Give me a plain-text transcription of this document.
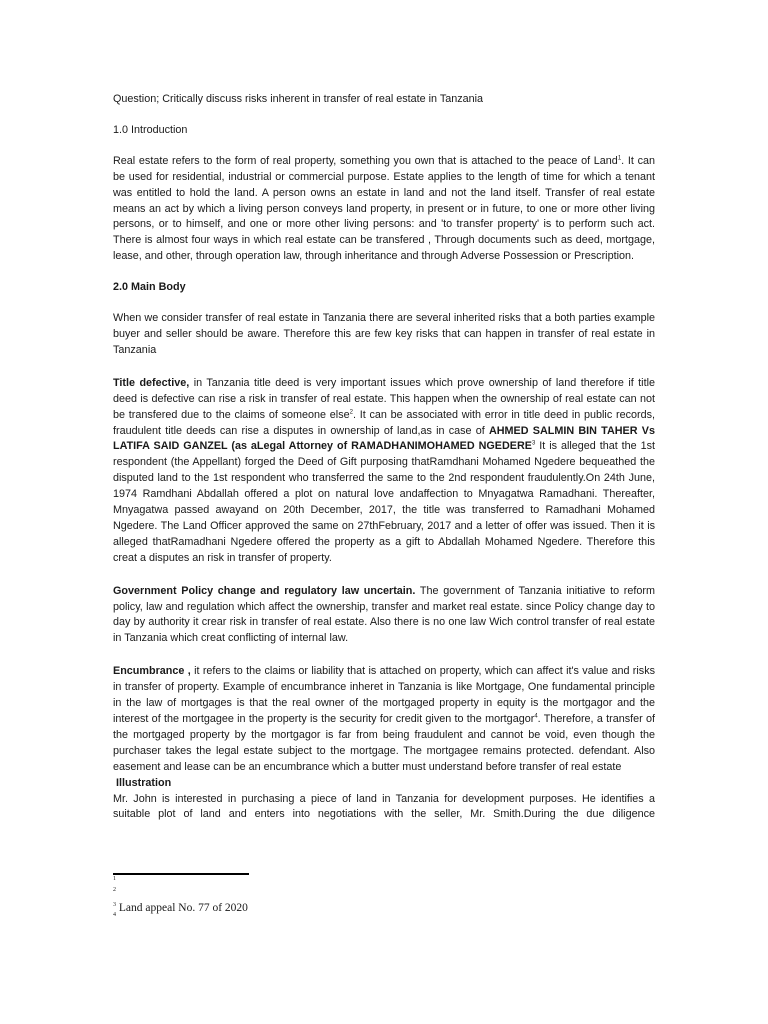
Question; Critically discuss risks inherent in transfer of real estate in Tanzania

1.0 Introduction

Real estate refers to the form of real property, something you own that is attached to the peace of Land$^1$. It can be used for residential, industrial or commercial purpose. Estate applies to the length of time for which a tenant was entitled to hold the land. A person owns an estate in land and not the land itself. Transfer of real estate means an act by which a living person conveys land property, in present or in future, to one or more other living persons, or to himself, and one or more other living persons: and 'to transfer property' is to perform such act. There is almost four ways in which real estate can be transfered , Through documents such as deed, mortgage, lease, and other, through operation law, through inheritance and through Adverse Possession or Prescription.

2.0 Main Body

When we consider transfer of real estate in Tanzania there are several inherited risks that a both parties example buyer and seller should be aware. Therefore this are few key risks that can happen in transfer of real estate in Tanzania

Title defective, in Tanzania title deed is very important issues which prove ownership of land therefore if title deed is defective can rise a risk in transfer of real estate. This happen when the ownership of real estate can not be transfered due to the claims of someone else$^2$. It can be associated with error in title deed in public records, fraudulent title deeds can rise a disputes in ownership of land,as in case of AHMED SALMIN BIN TAHER Vs LATIFA SAID GANZEL (as aLegal Attorney of RAMADHANIMOHAMED NGEDERE$^3$ It is alleged that the 1st respondent (the Appellant) forged the Deed of Gift purposing thatRamdhani Mohamed Ngedere bequeathed the disputed land to the 1st respondent who transferred the same to the 2nd respondent fraudulently.On 24th June, 1974 Ramdhani Abdallah offered a plot on natural love andaffection to Mnyagatwa Ramadhani. Thereafter, Mnyagatwa passed awayand on 20th December, 2017, the title was transferred to Ramadhani Mohamed Ngedere. The Land Officer approved the same on 27thFebruary, 2017 and a letter of offer was issued. Then it is alleged thatRamadhani Ngedere offered the property as a gift to Abdallah Mohamed Ngedere. Therefore this creat a disputes an risk in transfer of property.

Government Policy change and regulatory law uncertain. The government of Tanzania initiative to reform policy, law and regulation which affect the ownership, transfer and market real estate. since Policy change day to day by authority it crear risk in transfer of real estate. Also there is no one law Wich control transfer of real estate in Tanzania which creat conflicting of internal law.

Encumbrance , it refers to the claims or liability that is attached on property, which can affect it's value and risks in transfer of property. Example of encumbrance inheret in Tanzania is like Mortgage, One fundamental principle in the law of mortgages is that the real owner of the mortgaged property in equity is the mortgagor and the interest of the mortgagee in the property is the security for credit given to the mortgagor$^4$. Therefore, a transfer of the mortgaged property by the mortgagor is far from being fraudulent and cannot be void, even though the purchaser takes the legal estate subject to the mortgage. The mortgagee remains protected. defendant. Also easement and lease can be an encumbrance which a butter must understand before transfer of real estate

Illustration

Mr. John is interested in purchasing a piece of land in Tanzania for development purposes. He identifies a suitable plot of land and enters into negotiations with the seller, Mr. Smith.During the due diligence

$^1$
$^2$
$^3$ Land appeal No. 77 of 2020
$^4$
